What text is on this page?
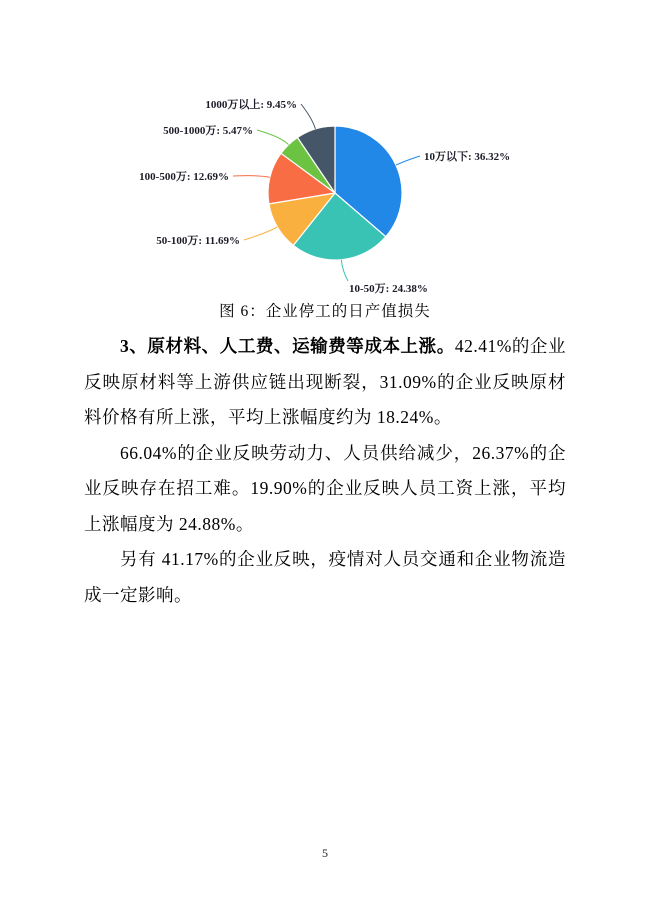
10万以下: 36.32%
10-50万: 24.38%
50-100万: 11.69%
100-500万: 12.69%
500-1000万: 5.47%
1000万以上: 9.45%
图 6：企业停工的日产值损失

3、原材料、人工费、运输费等成本上涨。42.41%的企业反映原材料等上游供应链出现断裂，31.09%的企业反映原材料价格有所上涨，平均上涨幅度约为 18.24%。

66.04%的企业反映劳动力、人员供给减少，26.37%的企业反映存在招工难。19.90%的企业反映人员工资上涨，平均上涨幅度为 24.88%。

另有 41.17%的企业反映，疫情对人员交通和企业物流造成一定影响。

5
